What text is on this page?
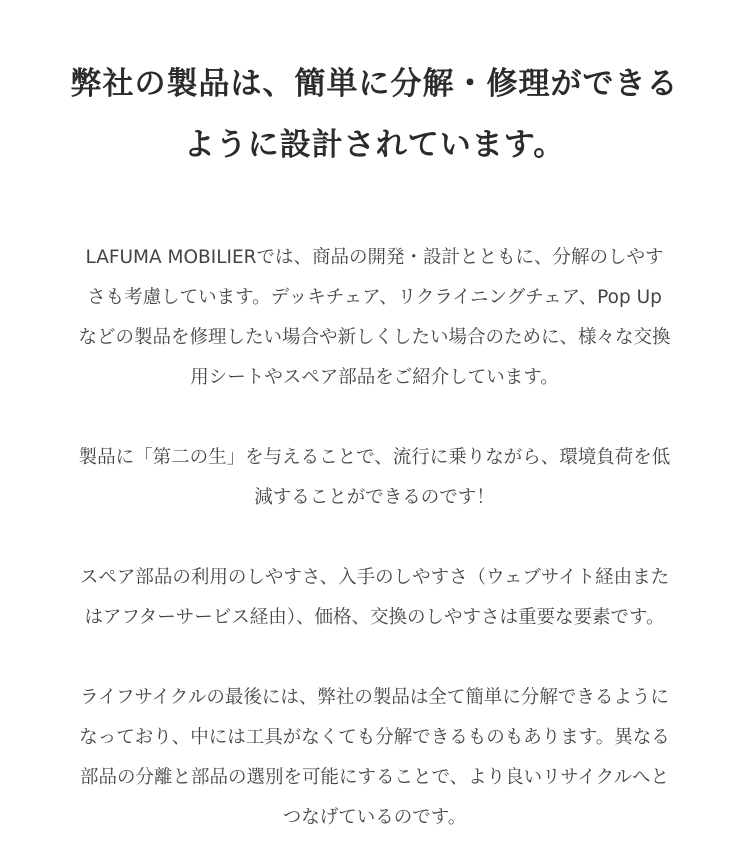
弊社の製品は、簡単に分解・修理ができる
ように設計されています。

LAFUMA MOBILIERでは、商品の開発・設計とともに、分解のしやす
さも考慮しています。デッキチェア、リクライニングチェア、Pop Up
などの製品を修理したい場合や新しくしたい場合のために、様々な交換
用シートやスペア部品をご紹介しています。

製品に「第二の生」を与えることで、流行に乗りながら、環境負荷を低
減することができるのです！

スペア部品の利用のしやすさ、入手のしやすさ（ウェブサイト経由また
はアフターサービス経由）、価格、交換のしやすさは重要な要素です。

ライフサイクルの最後には、弊社の製品は全て簡単に分解できるように
なっており、中には工具がなくても分解できるものもあります。異なる
部品の分離と部品の選別を可能にすることで、より良いリサイクルへと
つなげているのです。
